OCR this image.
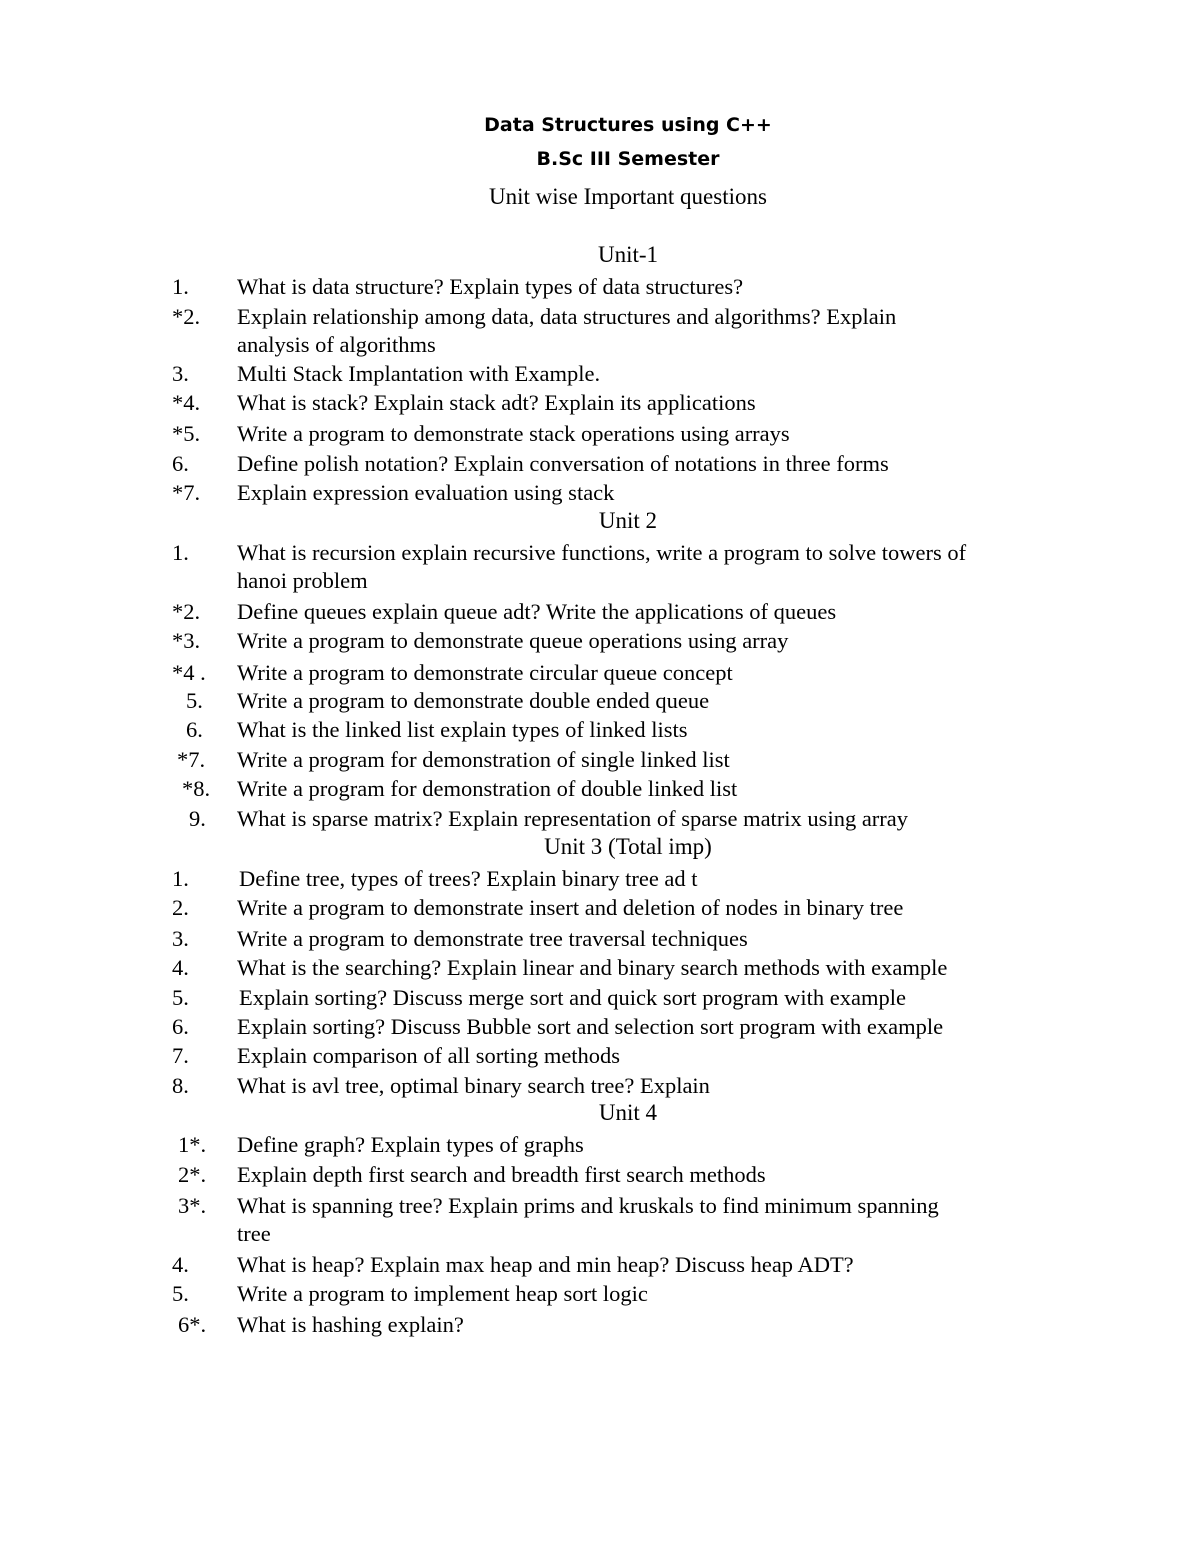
Data Structures using C++
B.Sc III Semester
Unit wise Important questions
Unit-1
1. What is data structure? Explain types of data structures?
*2. Explain relationship among data, data structures and algorithms? Explain
analysis of algorithms
3. Multi Stack Implantation with Example.
*4. What is stack? Explain stack adt? Explain its applications
*5. Write a program to demonstrate stack operations using arrays
6. Define polish notation? Explain conversation of notations in three forms
*7. Explain expression evaluation using stack
Unit 2
1. What is recursion explain recursive functions, write a program to solve towers of
hanoi problem
*2. Define queues explain queue adt? Write the applications of queues
*3. Write a program to demonstrate queue operations using array
*4 . Write a program to demonstrate circular queue concept
5. Write a program to demonstrate double ended queue
6. What is the linked list explain types of linked lists
*7. Write a program for demonstration of single linked list
*8. Write a program for demonstration of double linked list
9. What is sparse matrix? Explain representation of sparse matrix using array
Unit 3 (Total imp)
1. Define tree, types of trees? Explain binary tree ad t
2. Write a program to demonstrate insert and deletion of nodes in binary tree
3. Write a program to demonstrate tree traversal techniques
4. What is the searching? Explain linear and binary search methods with example
5. Explain sorting? Discuss merge sort and quick sort program with example
6. Explain sorting? Discuss Bubble sort and selection sort program with example
7. Explain comparison of all sorting methods
8. What is avl tree, optimal binary search tree? Explain
Unit 4
1*. Define graph? Explain types of graphs
2*. Explain depth first search and breadth first search methods
3*. What is spanning tree? Explain prims and kruskals to find minimum spanning
tree
4. What is heap? Explain max heap and min heap? Discuss heap ADT?
5. Write a program to implement heap sort logic
6*. What is hashing explain?
